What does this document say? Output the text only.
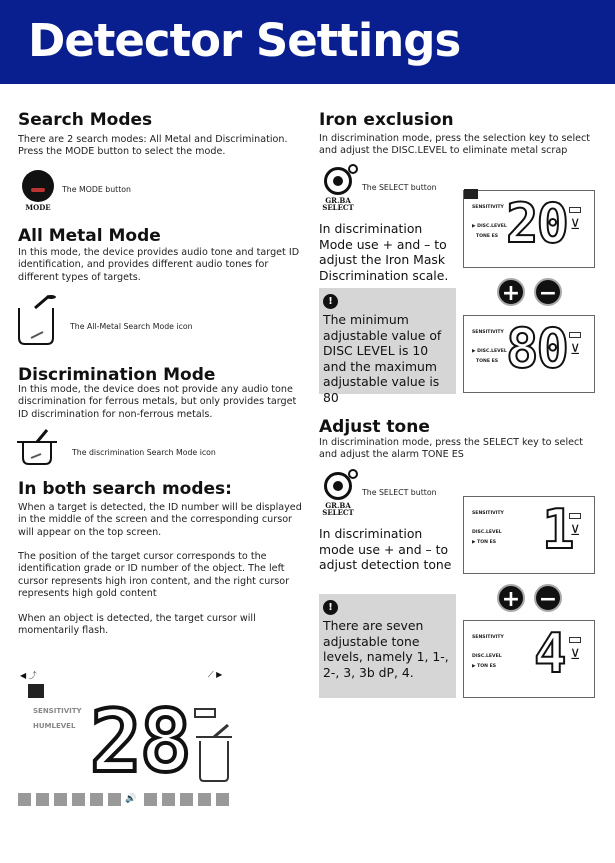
Detector Settings
Search Modes
There are 2 search modes: All Metal and Discrimination. Press the MODE button to select the mode.
MODE
The MODE button
All Metal Mode
In this mode, the device provides audio tone and target ID identification, and provides different audio tones for different types of targets.
The All-Metal Search Mode icon
Discrimination Mode
In this mode, the device does not provide any audio tone discrimination for ferrous metals, but only provides target ID discrimination for non-ferrous metals.
The discrimination Search Mode icon
In both search modes:
When a target is detected, the ID number will be displayed in the middle of the screen and the corresponding cursor will appear on the top screen.
The position of the target cursor corresponds to the identification grade or ID number of the object. The left cursor represents high iron content, and the right cursor represents high gold content
When an object is detected, the target cursor will momentarily flash.
◀ ⤴	⟋ ▶
SENSITIVITY
HUMLEVEL 28
🔊
Iron exclusion
In discrimination mode, press the selection key to select and adjust the DISC.LEVEL to eliminate metal scrap
GR.BA SELECT
The SELECT button
In discrimination Mode use + and – to adjust the Iron Mask Discrimination scale.
!
The minimum adjustable value of DISC LEVEL is 10 and the maximum adjustable value is 80
SENSITIVITY
▶ DISC.LEVEL
TONE ES 20 ⊻
+ −
SENSITIVITY
▶ DISC.LEVEL
TONE ES 80 ⊻
Adjust tone
In discrimination mode, press the SELECT key to select and adjust the alarm TONE ES
GR.BA SELECT
The SELECT button
In discrimination mode use + and – to adjust detection tone
!
There are seven adjustable tone levels, namely 1, 1-, 2-, 3, 3b dP, 4.
SENSITIVITY
DISC.LEVEL
▶ TON ES 1
⊻
+ −
SENSITIVITY
DISC.LEVEL
▶ TON ES 4 ⊻
